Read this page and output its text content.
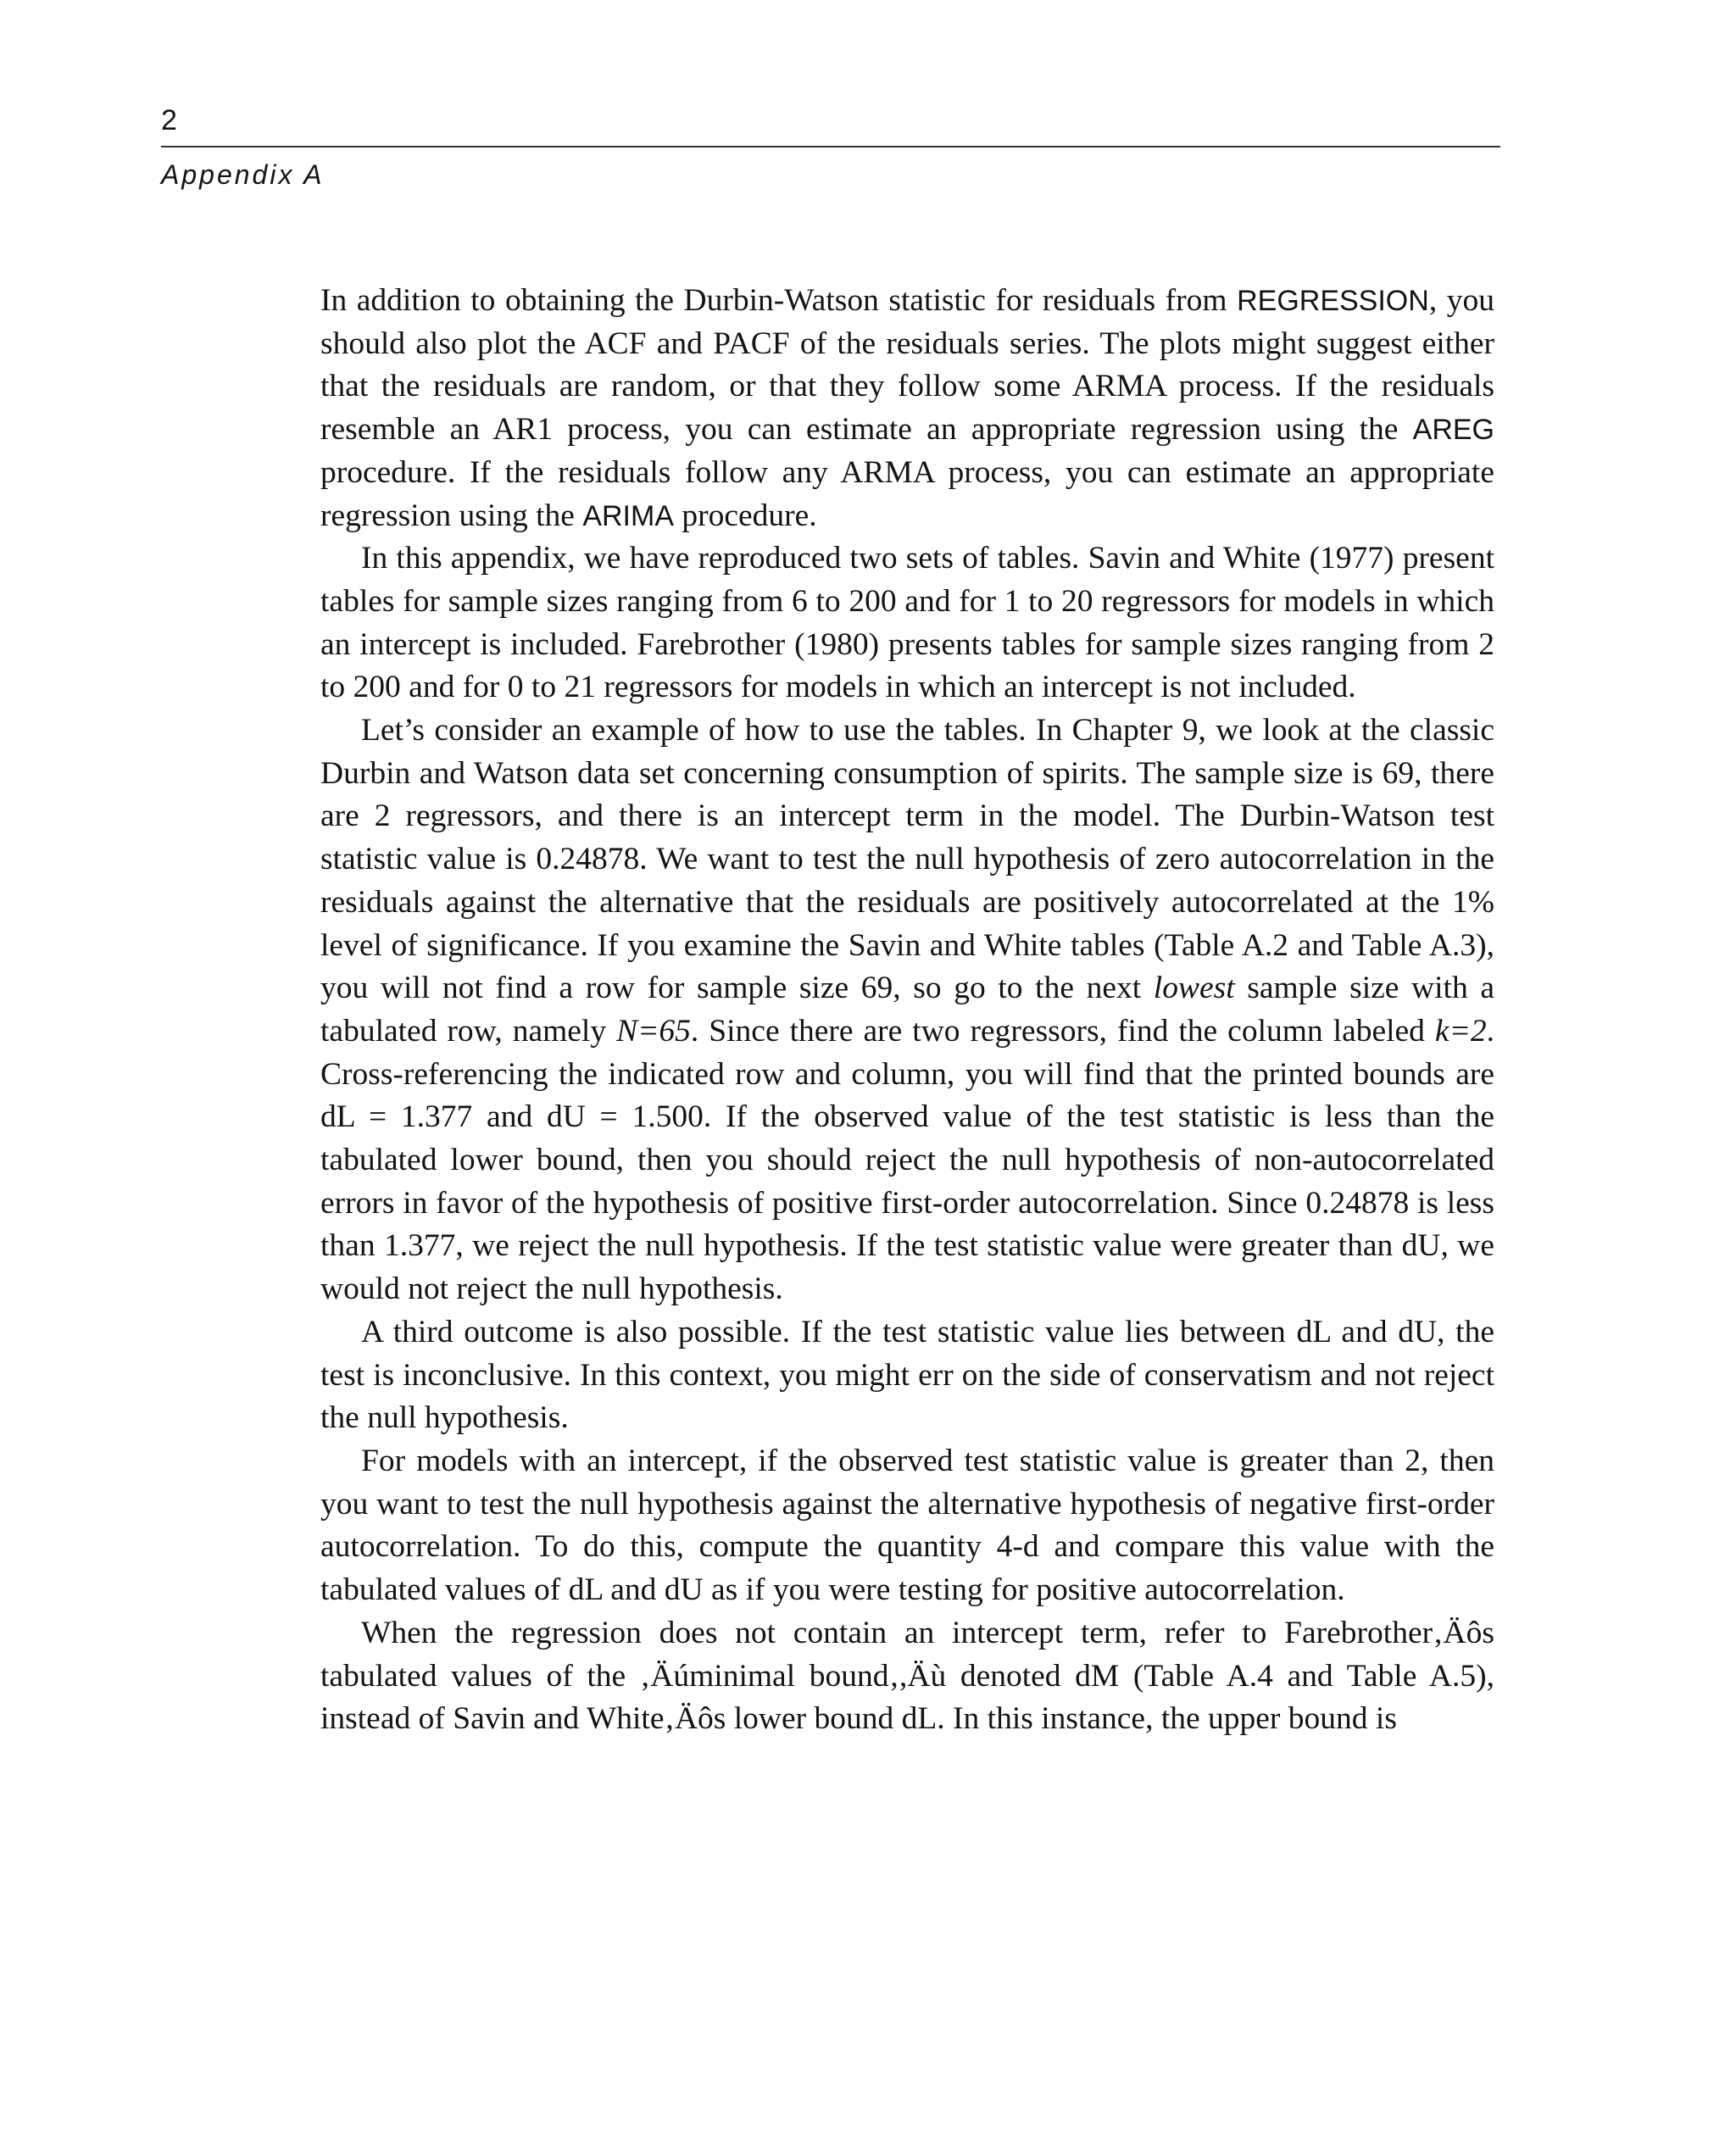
2
Appendix A

In addition to obtaining the Durbin-Watson statistic for residuals from REGRESSION, you should also plot the ACF and PACF of the residuals series. The plots might suggest either that the residuals are random, or that they follow some ARMA process. If the residuals resemble an AR1 process, you can estimate an appropriate regression using the AREG procedure. If the residuals follow any ARMA process, you can estimate an appropriate regression using the ARIMA procedure.

In this appendix, we have reproduced two sets of tables. Savin and White (1977) present tables for sample sizes ranging from 6 to 200 and for 1 to 20 regressors for models in which an intercept is included. Farebrother (1980) presents tables for sample sizes ranging from 2 to 200 and for 0 to 21 regressors for models in which an intercept is not included.

Let’s consider an example of how to use the tables. In Chapter 9, we look at the classic Durbin and Watson data set concerning consumption of spirits. The sample size is 69, there are 2 regressors, and there is an intercept term in the model. The Durbin-Watson test statistic value is 0.24878. We want to test the null hypothesis of zero autocorrelation in the residuals against the alternative that the residuals are positively autocorrelated at the 1% level of significance. If you examine the Savin and White tables (Table A.2 and Table A.3), you will not find a row for sample size 69, so go to the next lowest sample size with a tabulated row, namely N=65. Since there are two regressors, find the column labeled k=2. Cross-referencing the indicated row and column, you will find that the printed bounds are dL = 1.377 and dU = 1.500. If the observed value of the test statistic is less than the tabulated lower bound, then you should reject the null hypothesis of non-autocorrelated errors in favor of the hypothesis of positive first-order autocorrelation. Since 0.24878 is less than 1.377, we reject the null hypothesis. If the test statistic value were greater than dU, we would not reject the null hypothesis.

A third outcome is also possible. If the test statistic value lies between dL and dU, the test is inconclusive. In this context, you might err on the side of conservatism and not reject the null hypothesis.

For models with an intercept, if the observed test statistic value is greater than 2, then you want to test the null hypothesis against the alternative hypothesis of negative first-order autocorrelation. To do this, compute the quantity 4-d and compare this value with the tabulated values of dL and dU as if you were testing for positive autocorrelation.

When the regression does not contain an intercept term, refer to Farebrother‚Äôs tabulated values of the ‚Äúminimal bound‚,Äù denoted dM (Table A.4 and Table A.5), instead of Savin and White‚Äôs lower bound dL. In this instance, the upper bound is
